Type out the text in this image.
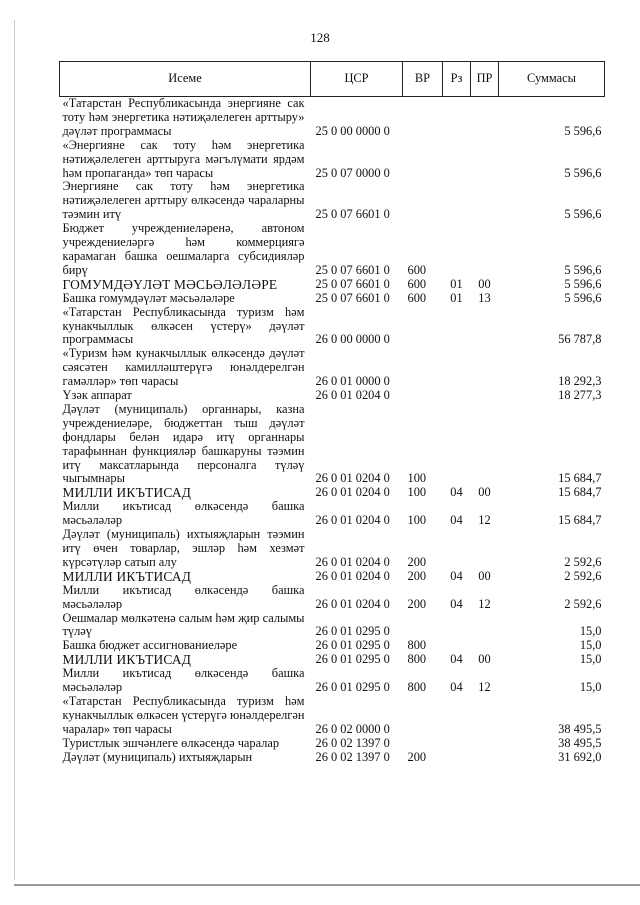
128
Исеме	ЦСР	ВР	Рз	ПР	Суммасы
«Татарстан Республикасында энергияне сак тоту һәм энергетика нәтиҗәлелеген арттыру» дәүләт программасы	25 0 00 0000 0				5 596,6
«Энергияне сак тоту һәм энергетика нәтиҗәлелеген арттыруга мәгълүмати ярдәм һәм пропаганда» төп чарасы	25 0 07 0000 0				5 596,6
Энергияне сак тоту һәм энергетика нәтиҗәлелеген арттыру өлкәсендә чараларны тәэмин итү	25 0 07 6601 0				5 596,6
Бюджет учреждениеләренә, автоном учреждениеләргә һәм коммерциягә карамаган башка оешмаларга субсидияләр бирү	25 0 07 6601 0	600			5 596,6
ГОМУМДӘҮЛӘТ МӘСЬӘЛӘЛӘРЕ	25 0 07 6601 0	600	01	00	5 596,6
Башка гомумдәүләт мәсьәләләре	25 0 07 6601 0	600	01	13	5 596,6
«Татарстан Республикасында туризм һәм кунакчыллык өлкәсен үстерү» дәүләт программасы	26 0 00 0000 0				56 787,8
«Туризм һәм кунакчыллык өлкәсендә дәүләт сәясәтен камилләштерүгә юнәлдерелгән гамәлләр» төп чарасы	26 0 01 0000 0				18 292,3
Үзәк аппарат	26 0 01 0204 0				18 277,3
Дәүләт (муниципаль) органнары, казна учреждениеләре, бюджеттан тыш дәүләт фондлары белән идарә итү органнары тарафыннан функцияләр башкаруны тәэмин итү максатларында персоналга түләү чыгымнары	26 0 01 0204 0	100			15 684,7
МИЛЛИ ИКЪТИСАД	26 0 01 0204 0	100	04	00	15 684,7
Милли икътисад өлкәсендә башка мәсьәләләр	26 0 01 0204 0	100	04	12	15 684,7
Дәүләт (муниципаль) ихтыяҗларын тәэмин итү өчен товарлар, эшләр һәм хезмәт күрсәтүләр сатып алу	26 0 01 0204 0	200			2 592,6
МИЛЛИ ИКЪТИСАД	26 0 01 0204 0	200	04	00	2 592,6
Милли икътисад өлкәсендә башка мәсьәләләр	26 0 01 0204 0	200	04	12	2 592,6
Оешмалар мөлкәтенә салым һәм җир салымы түләү	26 0 01 0295 0				15,0
Башка бюджет ассигнованиеләре	26 0 01 0295 0	800			15,0
МИЛЛИ ИКЪТИСАД	26 0 01 0295 0	800	04	00	15,0
Милли икътисад өлкәсендә башка мәсьәләләр	26 0 01 0295 0	800	04	12	15,0
«Татарстан Республикасында туризм һәм кунакчыллык өлкәсен үстерүгә юнәлдерелгән чаралар» төп чарасы	26 0 02 0000 0				38 495,5
Туристлык эшчәнлеге өлкәсендә чаралар	26 0 02 1397 0				38 495,5
Дәүләт (муниципаль) ихтыяҗларын	26 0 02 1397 0	200			31 692,0
